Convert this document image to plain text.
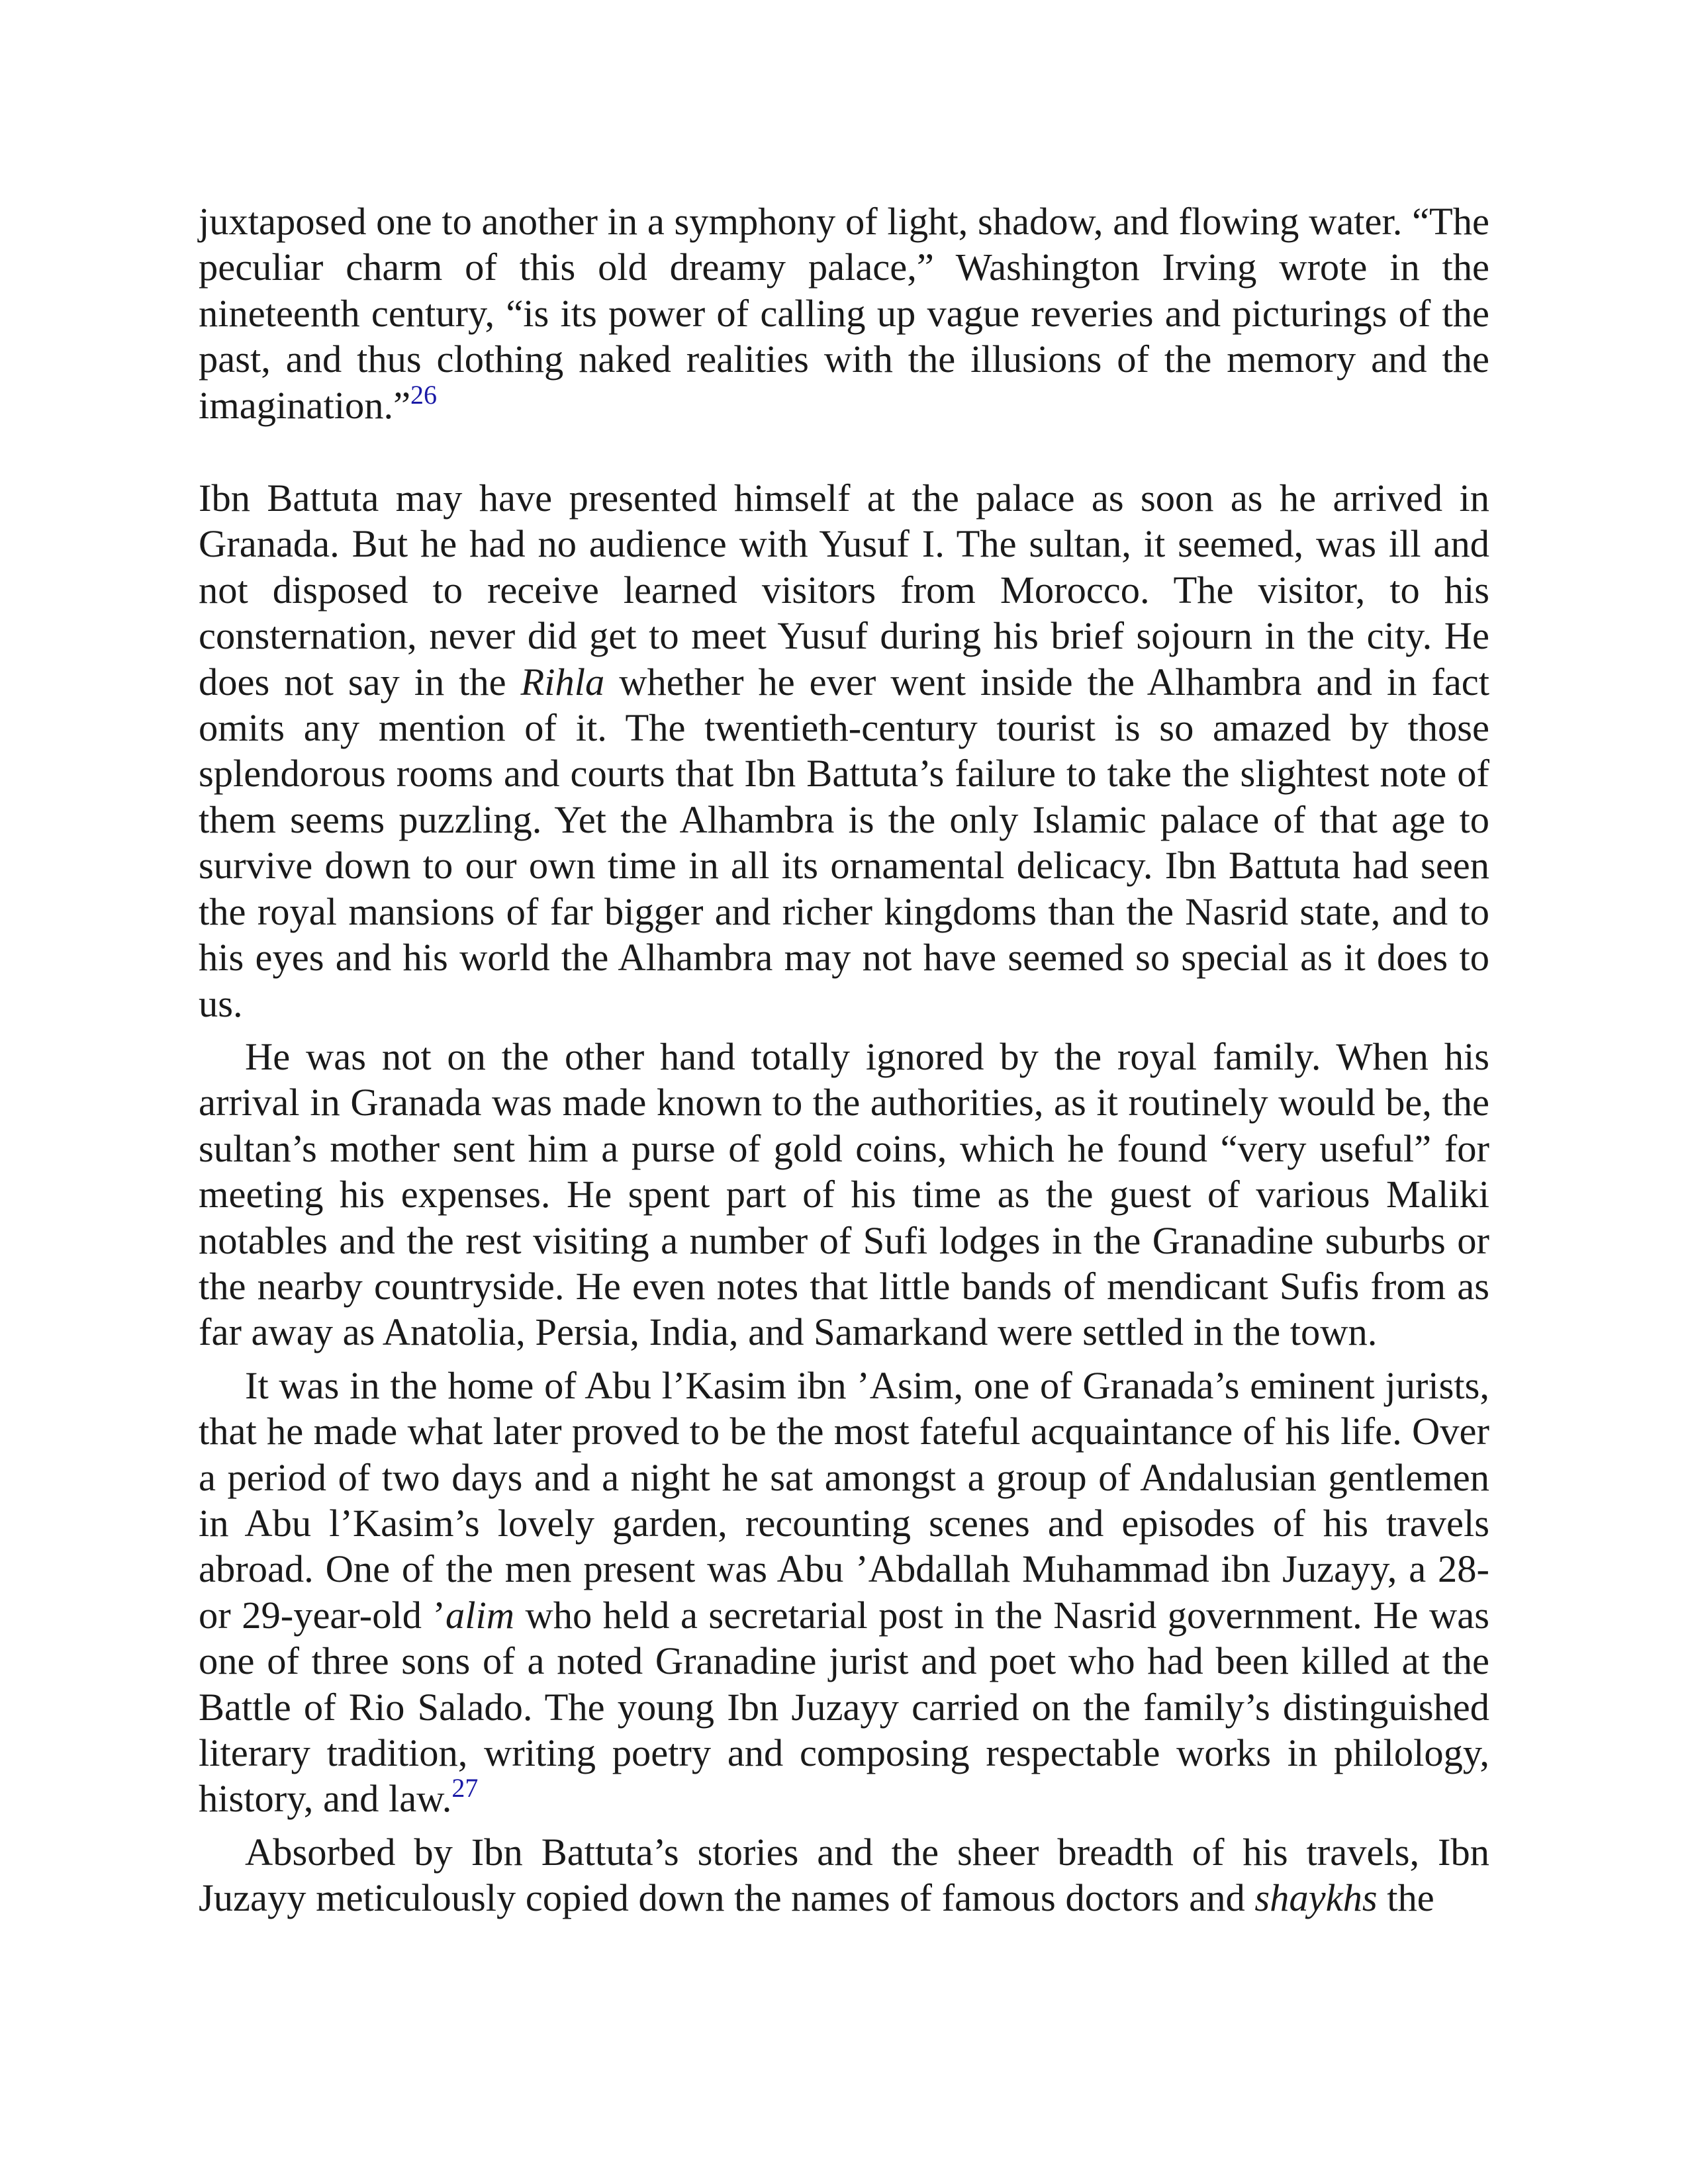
juxtaposed one to another in a symphony of light, shadow, and flowing water. “The peculiar charm of this old dreamy palace,” Washington Irving wrote in the nineteenth century, “is its power of calling up vague reveries and picturings of the past, and thus clothing naked realities with the illusions of the memory and the imagination.”$^{26}$

Ibn Battuta may have presented himself at the palace as soon as he arrived in Granada. But he had no audience with Yusuf I. The sultan, it seemed, was ill and not disposed to receive learned visitors from Morocco. The visitor, to his consternation, never did get to meet Yusuf during his brief sojourn in the city. He does not say in the Rihla whether he ever went inside the Alhambra and in fact omits any mention of it. The twentieth-century tourist is so amazed by those splendorous rooms and courts that Ibn Battuta’s failure to take the slightest note of them seems puzzling. Yet the Alhambra is the only Islamic palace of that age to survive down to our own time in all its ornamental delicacy. Ibn Battuta had seen the royal mansions of far bigger and richer kingdoms than the Nasrid state, and to his eyes and his world the Alhambra may not have seemed so special as it does to us.

He was not on the other hand totally ignored by the royal family. When his arrival in Granada was made known to the authorities, as it routinely would be, the sultan’s mother sent him a purse of gold coins, which he found “very useful” for meeting his expenses. He spent part of his time as the guest of various Maliki notables and the rest visiting a number of Sufi lodges in the Granadine suburbs or the nearby countryside. He even notes that little bands of mendicant Sufis from as far away as Anatolia, Persia, India, and Samarkand were settled in the town.

It was in the home of Abu l’Kasim ibn ’Asim, one of Granada’s eminent jurists, that he made what later proved to be the most fateful acquaintance of his life. Over a period of two days and a night he sat amongst a group of Andalusian gentlemen in Abu l’Kasim’s lovely garden, recounting scenes and episodes of his travels abroad. One of the men present was Abu ’Abdallah Muhammad ibn Juzayy, a 28-or 29-year-old ’alim who held a secretarial post in the Nasrid government. He was one of three sons of a noted Granadine jurist and poet who had been killed at the Battle of Rio Salado. The young Ibn Juzayy carried on the family’s distinguished literary tradition, writing poetry and composing respectable works in philology, history, and law.$^{27}$

Absorbed by Ibn Battuta’s stories and the sheer breadth of his travels, Ibn Juzayy meticulously copied down the names of famous doctors and shaykhs the
